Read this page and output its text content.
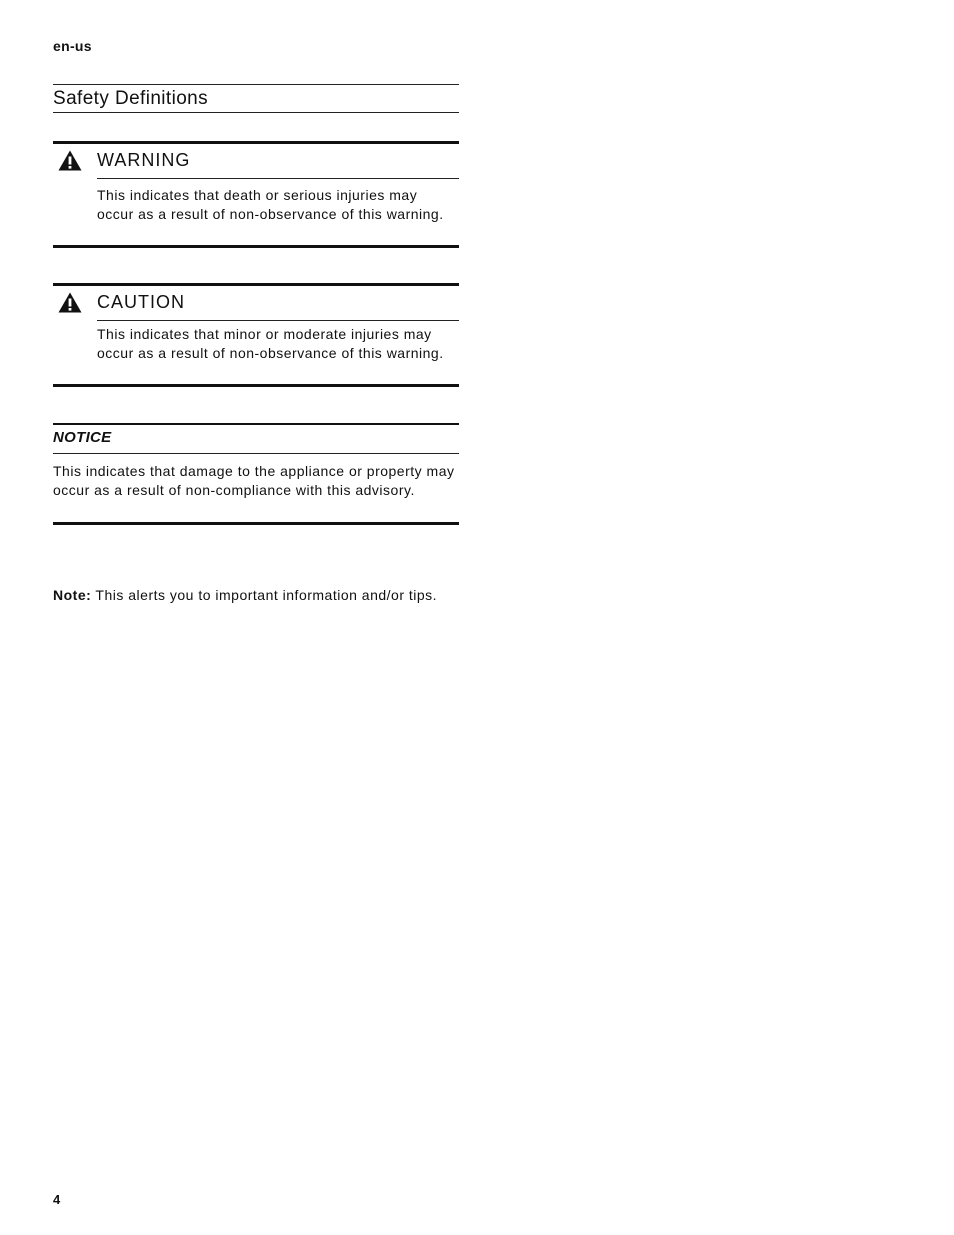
en-us
Safety Definitions
WARNING
This indicates that death or serious injuries may occur as a result of non-observance of this warning.
CAUTION
This indicates that minor or moderate injuries may occur as a result of non-observance of this warning.
NOTICE
This indicates that damage to the appliance or property may occur as a result of non-compliance with this advisory.
Note: This alerts you to important information and/or tips.
4
